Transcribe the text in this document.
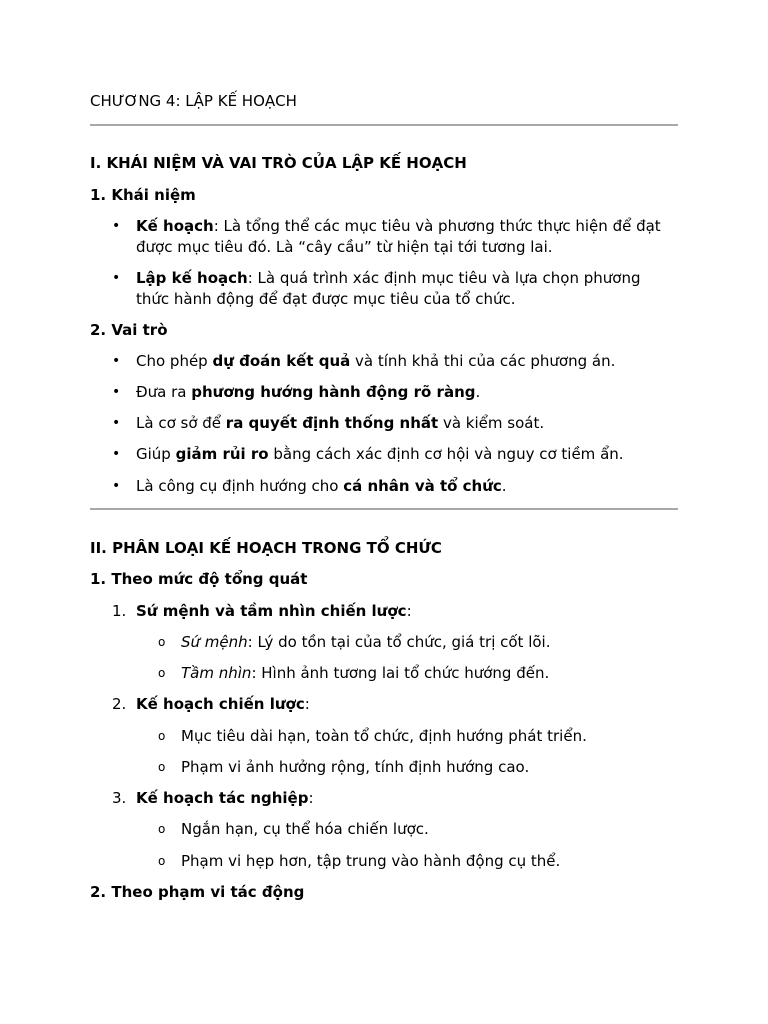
CHƯƠNG 4: LẬP KẾ HOẠCH
I. KHÁI NIỆM VÀ VAI TRÒ CỦA LẬP KẾ HOẠCH
1. Khái niệm

• Kế hoạch: Là tổng thể các mục tiêu và phương thức thực hiện để đạt được mục tiêu đó. Là “cây cầu” từ hiện tại tới tương lai.

• Lập kế hoạch: Là quá trình xác định mục tiêu và lựa chọn phương thức hành động để đạt được mục tiêu của tổ chức.

2. Vai trò

• Cho phép dự đoán kết quả và tính khả thi của các phương án.

• Đưa ra phương hướng hành động rõ ràng.

• Là cơ sở để ra quyết định thống nhất và kiểm soát.

• Giúp giảm rủi ro bằng cách xác định cơ hội và nguy cơ tiềm ẩn.

• Là công cụ định hướng cho cá nhân và tổ chức.

II. PHÂN LOẠI KẾ HOẠCH TRONG TỔ CHỨC
1. Theo mức độ tổng quát

1. Sứ mệnh và tầm nhìn chiến lược:

o Sứ mệnh: Lý do tồn tại của tổ chức, giá trị cốt lõi.

o Tầm nhìn: Hình ảnh tương lai tổ chức hướng đến.

2. Kế hoạch chiến lược:

o Mục tiêu dài hạn, toàn tổ chức, định hướng phát triển.

o Phạm vi ảnh hưởng rộng, tính định hướng cao.

3. Kế hoạch tác nghiệp:

o Ngắn hạn, cụ thể hóa chiến lược.

o Phạm vi hẹp hơn, tập trung vào hành động cụ thể.

2. Theo phạm vi tác động
